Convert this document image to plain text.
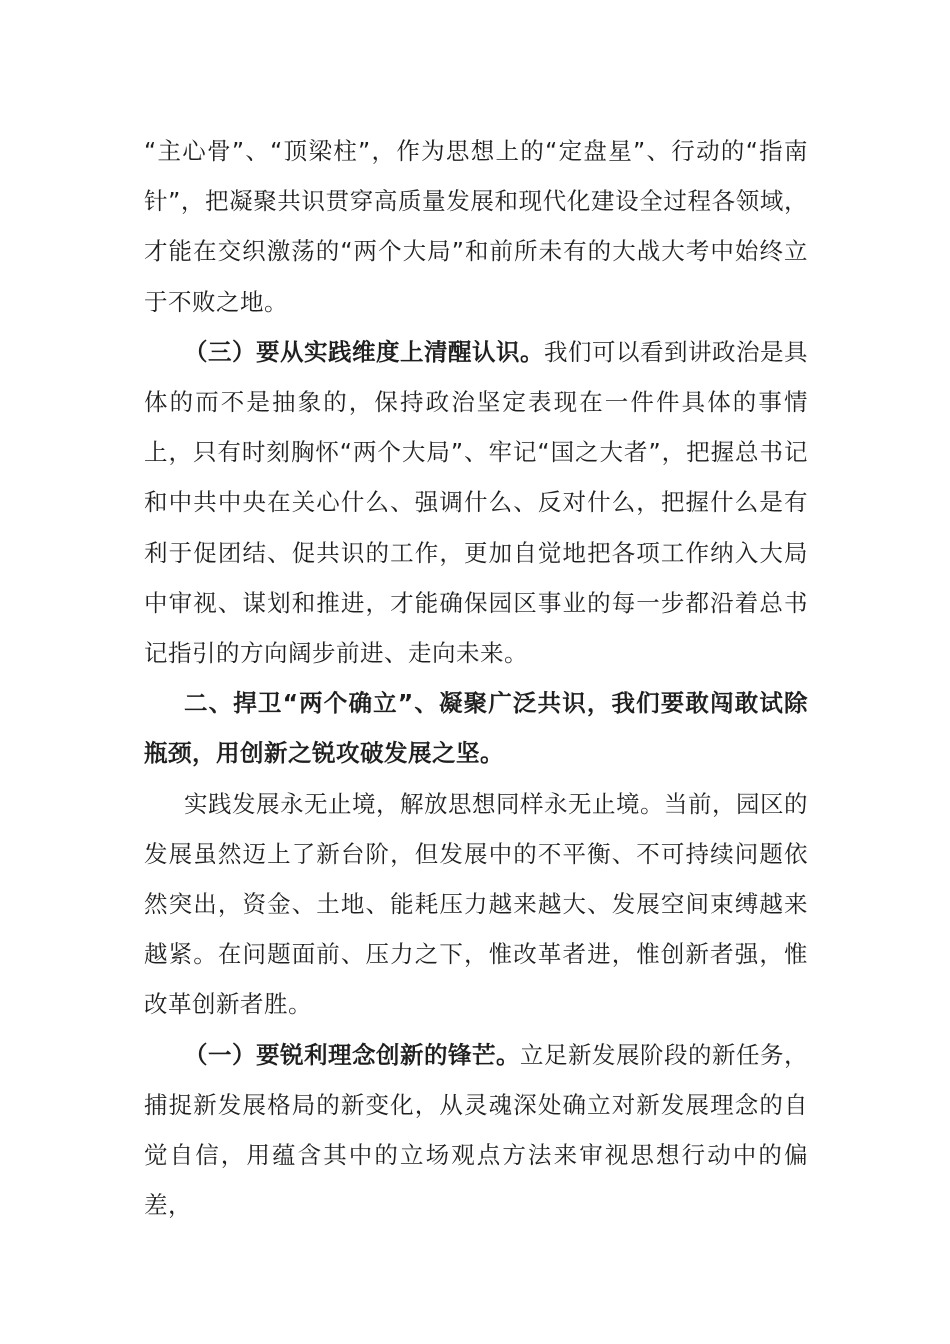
“主心骨”、“顶梁柱”，作为思想上的“定盘星”、行动的“指南针”，把凝聚共识贯穿高质量发展和现代化建设全过程各领域，才能在交织激荡的“两个大局”和前所未有的大战大考中始终立于不败之地。

（三）要从实践维度上清醒认识。我们可以看到讲政治是具体的而不是抽象的，保持政治坚定表现在一件件具体的事情上，只有时刻胸怀“两个大局”、牢记“国之大者”，把握总书记和中共中央在关心什么、强调什么、反对什么，把握什么是有利于促团结、促共识的工作，更加自觉地把各项工作纳入大局中审视、谋划和推进，才能确保园区事业的每一步都沿着总书记指引的方向阔步前进、走向未来。

二、捍卫“两个确立”、凝聚广泛共识，我们要敢闯敢试除瓶颈，用创新之锐攻破发展之坚。

实践发展永无止境，解放思想同样永无止境。当前，园区的发展虽然迈上了新台阶，但发展中的不平衡、不可持续问题依然突出，资金、土地、能耗压力越来越大、发展空间束缚越来越紧。在问题面前、压力之下，惟改革者进，惟创新者强，惟改革创新者胜。

（一）要锐利理念创新的锋芒。立足新发展阶段的新任务，捕捉新发展格局的新变化，从灵魂深处确立对新发展理念的自觉自信，用蕴含其中的立场观点方法来审视思想行动中的偏差，
